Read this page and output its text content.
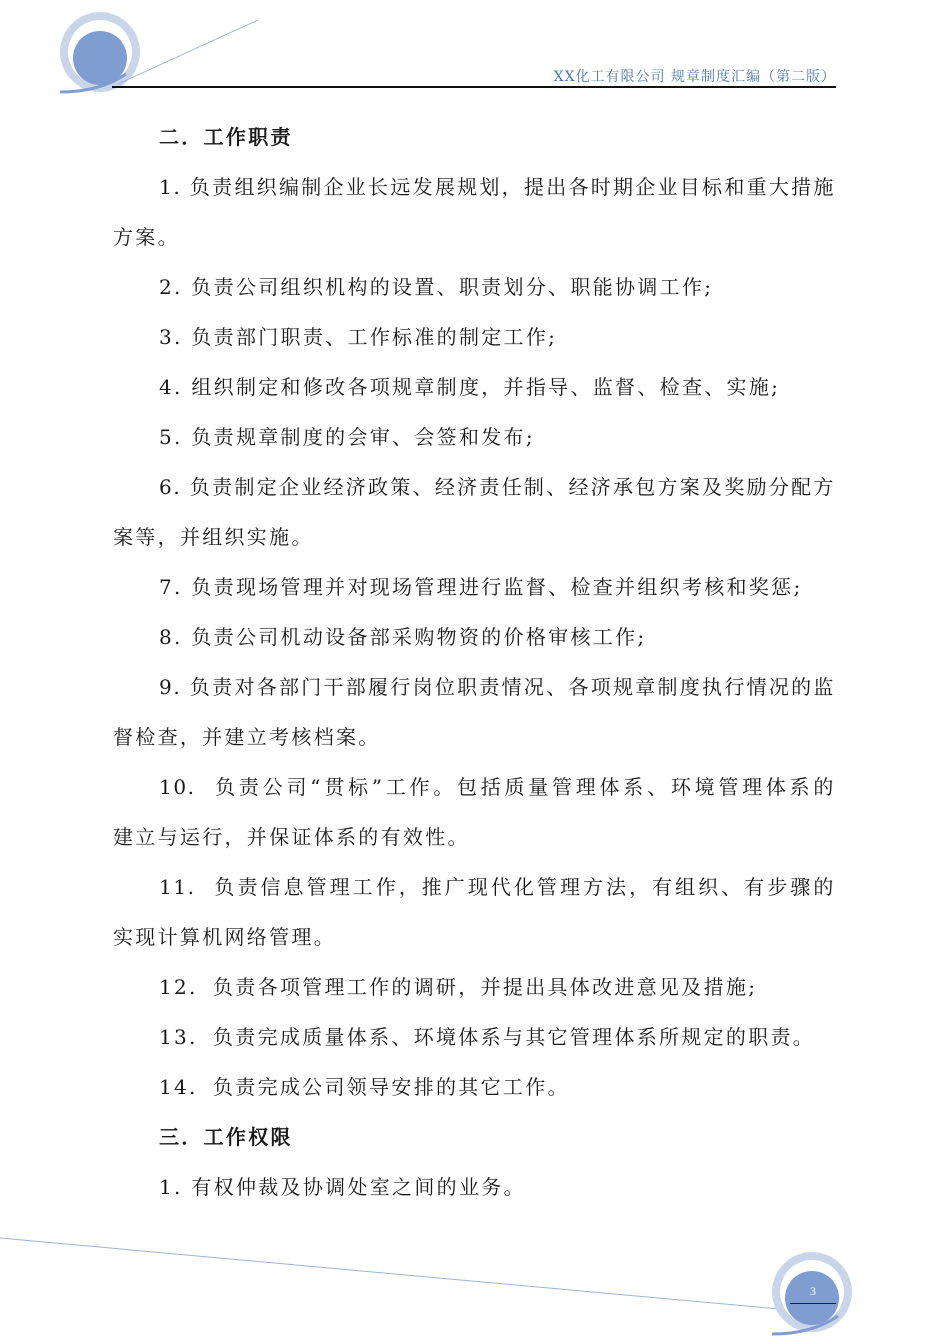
XX化工有限公司 规章制度汇编（第二版）
二．工作职责
1. 负责组织编制企业长远发展规划，提出各时期企业目标和重大措施
方案。
2. 负责公司组织机构的设置、职责划分、职能协调工作;
3. 负责部门职责、工作标准的制定工作;
4. 组织制定和修改各项规章制度，并指导、监督、检查、实施;
5. 负责规章制度的会审、会签和发布;
6. 负责制定企业经济政策、经济责任制、经济承包方案及奖励分配方
案等，并组织实施。
7. 负责现场管理并对现场管理进行监督、检查并组织考核和奖惩;
8. 负责公司机动设备部采购物资的价格审核工作;
9. 负责对各部门干部履行岗位职责情况、各项规章制度执行情况的监
督检查，并建立考核档案。
10. 负责公司“贯标”工作。包括质量管理体系、环境管理体系的
建立与运行，并保证体系的有效性。
11. 负责信息管理工作，推广现代化管理方法，有组织、有步骤的
实现计算机网络管理。
12. 负责各项管理工作的调研，并提出具体改进意见及措施;
13. 负责完成质量体系、环境体系与其它管理体系所规定的职责。
14. 负责完成公司领导安排的其它工作。
三．工作权限
1. 有权仲裁及协调处室之间的业务。
3
